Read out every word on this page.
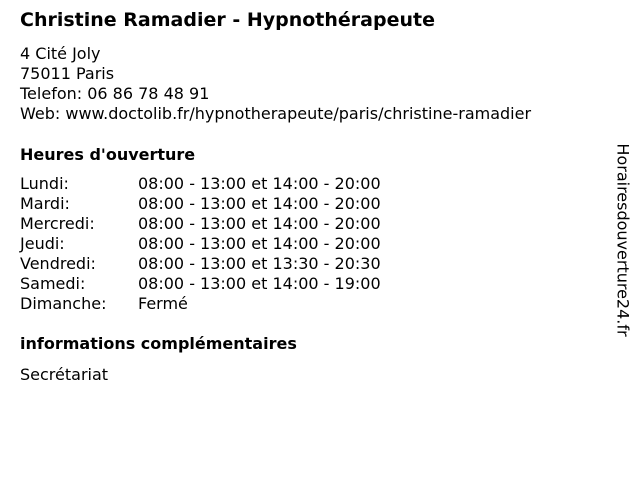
Christine Ramadier - Hypnothérapeute
4 Cité Joly
75011 Paris
Telefon: 06 86 78 48 91
Web: www.doctolib.fr/hypnotherapeute/paris/christine-ramadier
Heures d'ouverture
Lundi:	08:00 - 13:00 et 14:00 - 20:00
Mardi:	08:00 - 13:00 et 14:00 - 20:00
Mercredi:	08:00 - 13:00 et 14:00 - 20:00
Jeudi:	08:00 - 13:00 et 14:00 - 20:00
Vendredi:	08:00 - 13:00 et 13:30 - 20:30
Samedi:	08:00 - 13:00 et 14:00 - 19:00
Dimanche:	Fermé
informations complémentaires
Secrétariat
Horairesdouverture24.fr
